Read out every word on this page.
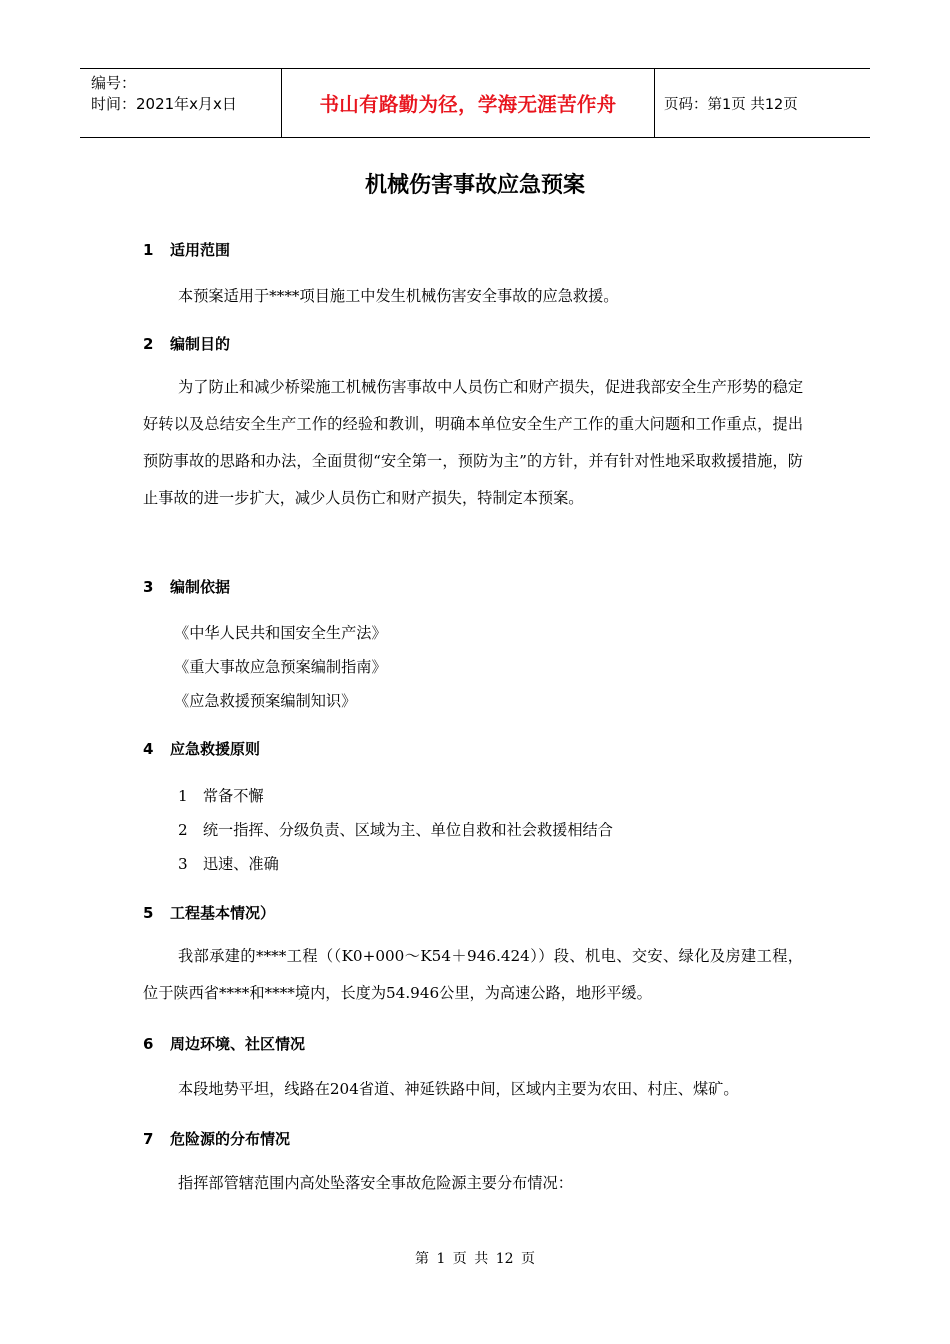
编号：
时间：2021年x月x日	书山有路勤为径，学海无涯苦作舟	页码：第1页 共12页
机械伤害事故应急预案
1 适用范围
本预案适用于****项目施工中发生机械伤害安全事故的应急救援。
2 编制目的
为了防止和减少桥梁施工机械伤害事故中人员伤亡和财产损失，促进我部安全生产形势的稳定好转以及总结安全生产工作的经验和教训，明确本单位安全生产工作的重大问题和工作重点，提出预防事故的思路和办法，全面贯彻“安全第一，预防为主”的方针，并有针对性地采取救援措施，防止事故的进一步扩大，减少人员伤亡和财产损失，特制定本预案。
3 编制依据
《中华人民共和国安全生产法》
《重大事故应急预案编制指南》
《应急救援预案编制知识》
4 应急救援原则
1　常备不懈
2　统一指挥、分级负责、区域为主、单位自救和社会救援相结合
3　迅速、准确
5 工程基本情况）
我部承建的****工程（（K0+000～K54＋946.424））段、机电、交安、绿化及房建工程，位于陕西省****和****境内，长度为54.946公里，为高速公路，地形平缓。
6 周边环境、社区情况
本段地势平坦，线路在204省道、神延铁路中间，区域内主要为农田、村庄、煤矿。
7 危险源的分布情况
指挥部管辖范围内高处坠落安全事故危险源主要分布情况：
第 1 页 共 12 页
